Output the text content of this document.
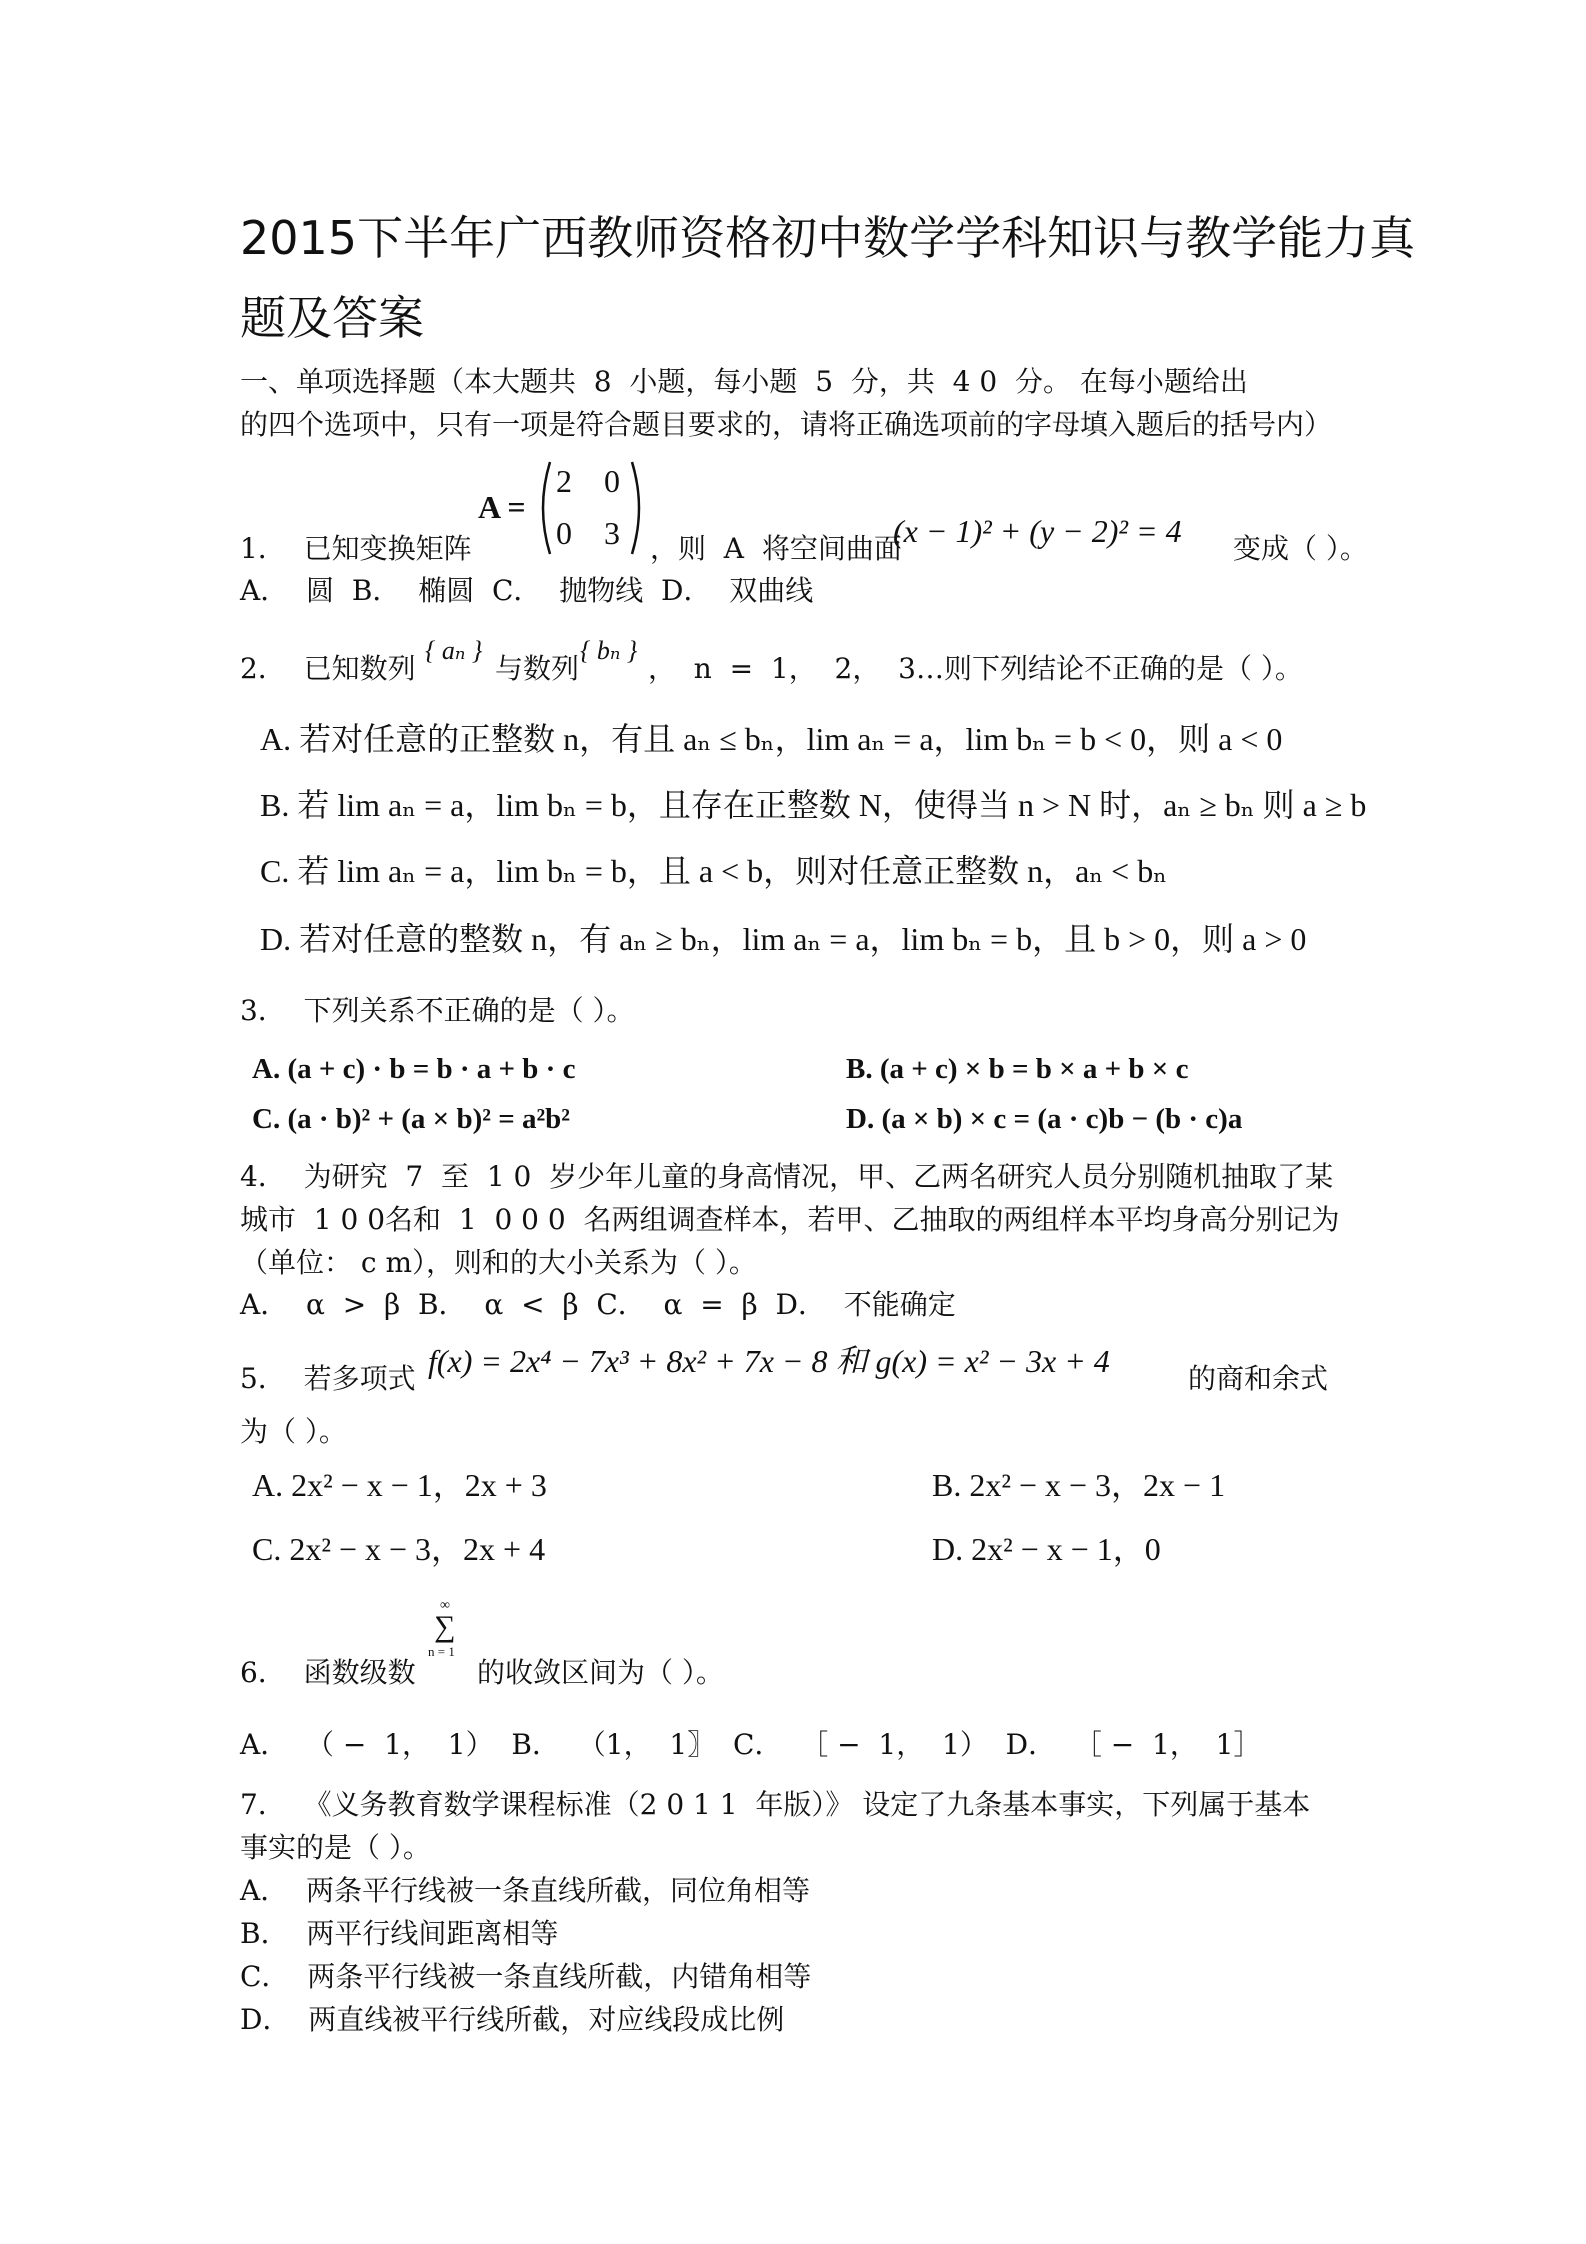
2015下半年广西教师资格初中数学学科知识与教学能力真
题及答案
一、单项选择题（本大题共  8  小题，每小题  5  分，共  4 0  分。 在每小题给出
的四个选项中，只有一项是符合题目要求的，请将正确选项前的字母填入题后的括号内）
1．  已知变换矩阵
A =
2 0
0 3 ，则  A  将空间曲面
(x − 1)² + (y − 2)² = 4 变成（ ）。
A．  圆  B．  椭圆  C．  抛物线  D．  双曲线
2．  已知数列
{ aₙ }
与数列
{ bₙ }
，  n  =  1，  2，  3…则下列结论不正确的是（ ）。
A. 若对任意的正整数 n，有且 aₙ ≤ bₙ，lim aₙ = a，lim bₙ = b < 0，则 a < 0
B. 若 lim aₙ = a，lim bₙ = b，且存在正整数 N，使得当 n > N 时，aₙ ≥ bₙ 则 a ≥ b
C. 若 lim aₙ = a，lim bₙ = b，且 a < b，则对任意正整数 n，aₙ < bₙ
D. 若对任意的整数 n，有 aₙ ≥ bₙ，lim aₙ = a，lim bₙ = b，且 b > 0，则 a > 0
3．  下列关系不正确的是（ ）。
A. (a + c) · b = b · a + b · c	B. (a + c) × b = b × a + b × c
C. (a · b)² + (a × b)² = a²b²	D. (a × b) × c = (a · c)b − (b · c)a
4．  为研究  7  至  1 0  岁少年儿童的身高情况，甲、乙两名研究人员分别随机抽取了某
城市  1 0 0名和  1  0 0 0  名两组调查样本，若甲、乙抽取的两组样本平均身高分别记为
（单位： c m），则和的大小关系为（ ）。
A．  α  >  β  B．  α  <  β  C．  α  =  β  D．  不能确定
5．  若多项式 f(x) = 2x⁴ − 7x³ + 8x² + 7x − 8 和 g(x) = x² − 3x + 4	的商和余式
为（ ）。
A. 2x² − x − 1，2x + 3	B. 2x² − x − 3，2x − 1
C. 2x² − x − 3，2x + 4	D. 2x² − x − 1，0
6．  函数级数
∞
∑
n = 1
的收敛区间为（ ）。
A．  （ −  1，  1）  B．  （1，  1〗  C．  ［ −  1，  1）  D．  ［ −  1，  1］
7．  《义务教育数学课程标准（2 0 1 1  年版）》 设定了九条基本事实，下列属于基本
事实的是（ ）。
A．  两条平行线被一条直线所截，同位角相等
B．  两平行线间距离相等
C．  两条平行线被一条直线所截，内错角相等
D．  两直线被平行线所截，对应线段成比例
